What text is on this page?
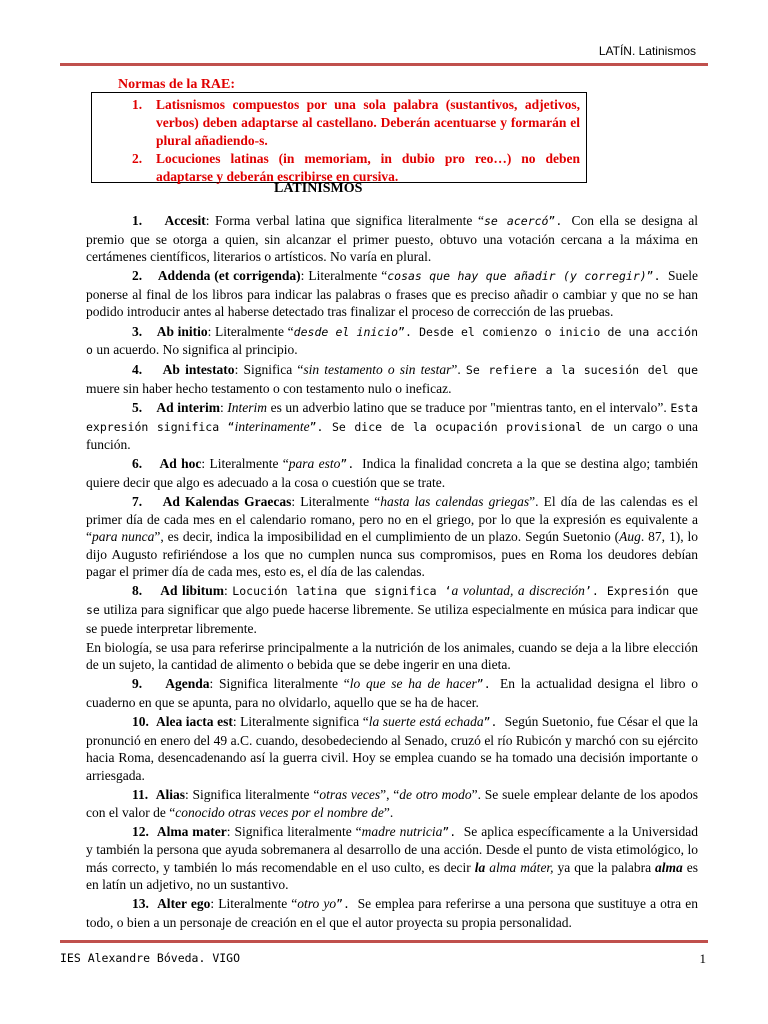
LATÍN. Latinismos
Normas de la RAE:
1. Latisnismos compuestos por una sola palabra (sustantivos, adjetivos, verbos) deben adaptarse al castellano. Deberán acentuarse y formarán el plural añadiendo-s.
2. Locuciones latinas (in memoriam, in dubio pro reo…) no deben adaptarse y deberán escribirse en cursiva.
LATINISMOS

1. Accesit: Forma verbal latina que significa literalmente “se acercó”. Con ella se designa al premio que se otorga a quien, sin alcanzar el primer puesto, obtuvo una votación cercana a la máxima en certámenes científicos, literarios o artísticos. No varía en plural.

2. Addenda (et corrigenda): Literalmente “cosas que hay que añadir (y corregir)”. Suele ponerse al final de los libros para indicar las palabras o frases que es preciso añadir o cambiar y que no se han podido introducir antes al haberse detectado tras finalizar el proceso de corrección de las pruebas.

3. Ab initio: Literalmente “desde el inicio”. Desde el comienzo o inicio de una acción o un acuerdo. No significa al principio.

4. Ab intestato: Significa “sin testamento o sin testar”. Se refiere a la sucesión del que muere sin haber hecho testamento o con testamento nulo o ineficaz.

5. Ad interim: Interim es un adverbio latino que se traduce por "mientras tanto, en el intervalo”. Esta expresión significa “interinamente”. Se dice de la ocupación provisional de un cargo o una función.

6. Ad hoc: Literalmente “para esto”. Indica la finalidad concreta a la que se destina algo; también quiere decir que algo es adecuado a la cosa o cuestión que se trate.

7. Ad Kalendas Graecas: Literalmente “hasta las calendas griegas”. El día de las calendas es el primer día de cada mes en el calendario romano, pero no en el griego, por lo que la expresión es equivalente a “para nunca”, es decir, indica la imposibilidad en el cumplimiento de un plazo. Según Suetonio (Aug. 87, 1), lo dijo Augusto refiriéndose a los que no cumplen nunca sus compromisos, pues en Roma los deudores debían pagar el primer día de cada mes, esto es, el día de las calendas.

8. Ad libitum: Locución latina que significa ‘a voluntad, a discreción’. Expresión que se utiliza para significar que algo puede hacerse libremente. Se utiliza especialmente en música para indicar que se puede interpretar libremente.

En biología, se usa para referirse principalmente a la nutrición de los animales, cuando se deja a la libre elección de un sujeto, la cantidad de alimento o bebida que se debe ingerir en una dieta.

9. Agenda: Significa literalmente “lo que se ha de hacer”. En la actualidad designa el libro o cuaderno en que se apunta, para no olvidarlo, aquello que se ha de hacer.

10. Alea iacta est: Literalmente significa “la suerte está echada”. Según Suetonio, fue César el que la pronunció en enero del 49 a.C. cuando, desobedeciendo al Senado, cruzó el río Rubicón y marchó con su ejército hacia Roma, desencadenando así la guerra civil. Hoy se emplea cuando se ha tomado una decisión importante o arriesgada.

11. Alias: Significa literalmente “otras veces”, “de otro modo”. Se suele emplear delante de los apodos con el valor de “conocido otras veces por el nombre de”.

12. Alma mater: Significa literalmente “madre nutricia”. Se aplica específicamente a la Universidad y también la persona que ayuda sobremanera al desarrollo de una acción. Desde el punto de vista etimológico, lo más correcto, y también lo más recomendable en el uso culto, es decir la alma máter, ya que la palabra alma es en latín un adjetivo, no un sustantivo.

13. Alter ego: Literalmente “otro yo”. Se emplea para referirse a una persona que sustituye a otra en todo, o bien a un personaje de creación en el que el autor proyecta su propia personalidad.

IES Alexandre Bóveda. VIGO	1
